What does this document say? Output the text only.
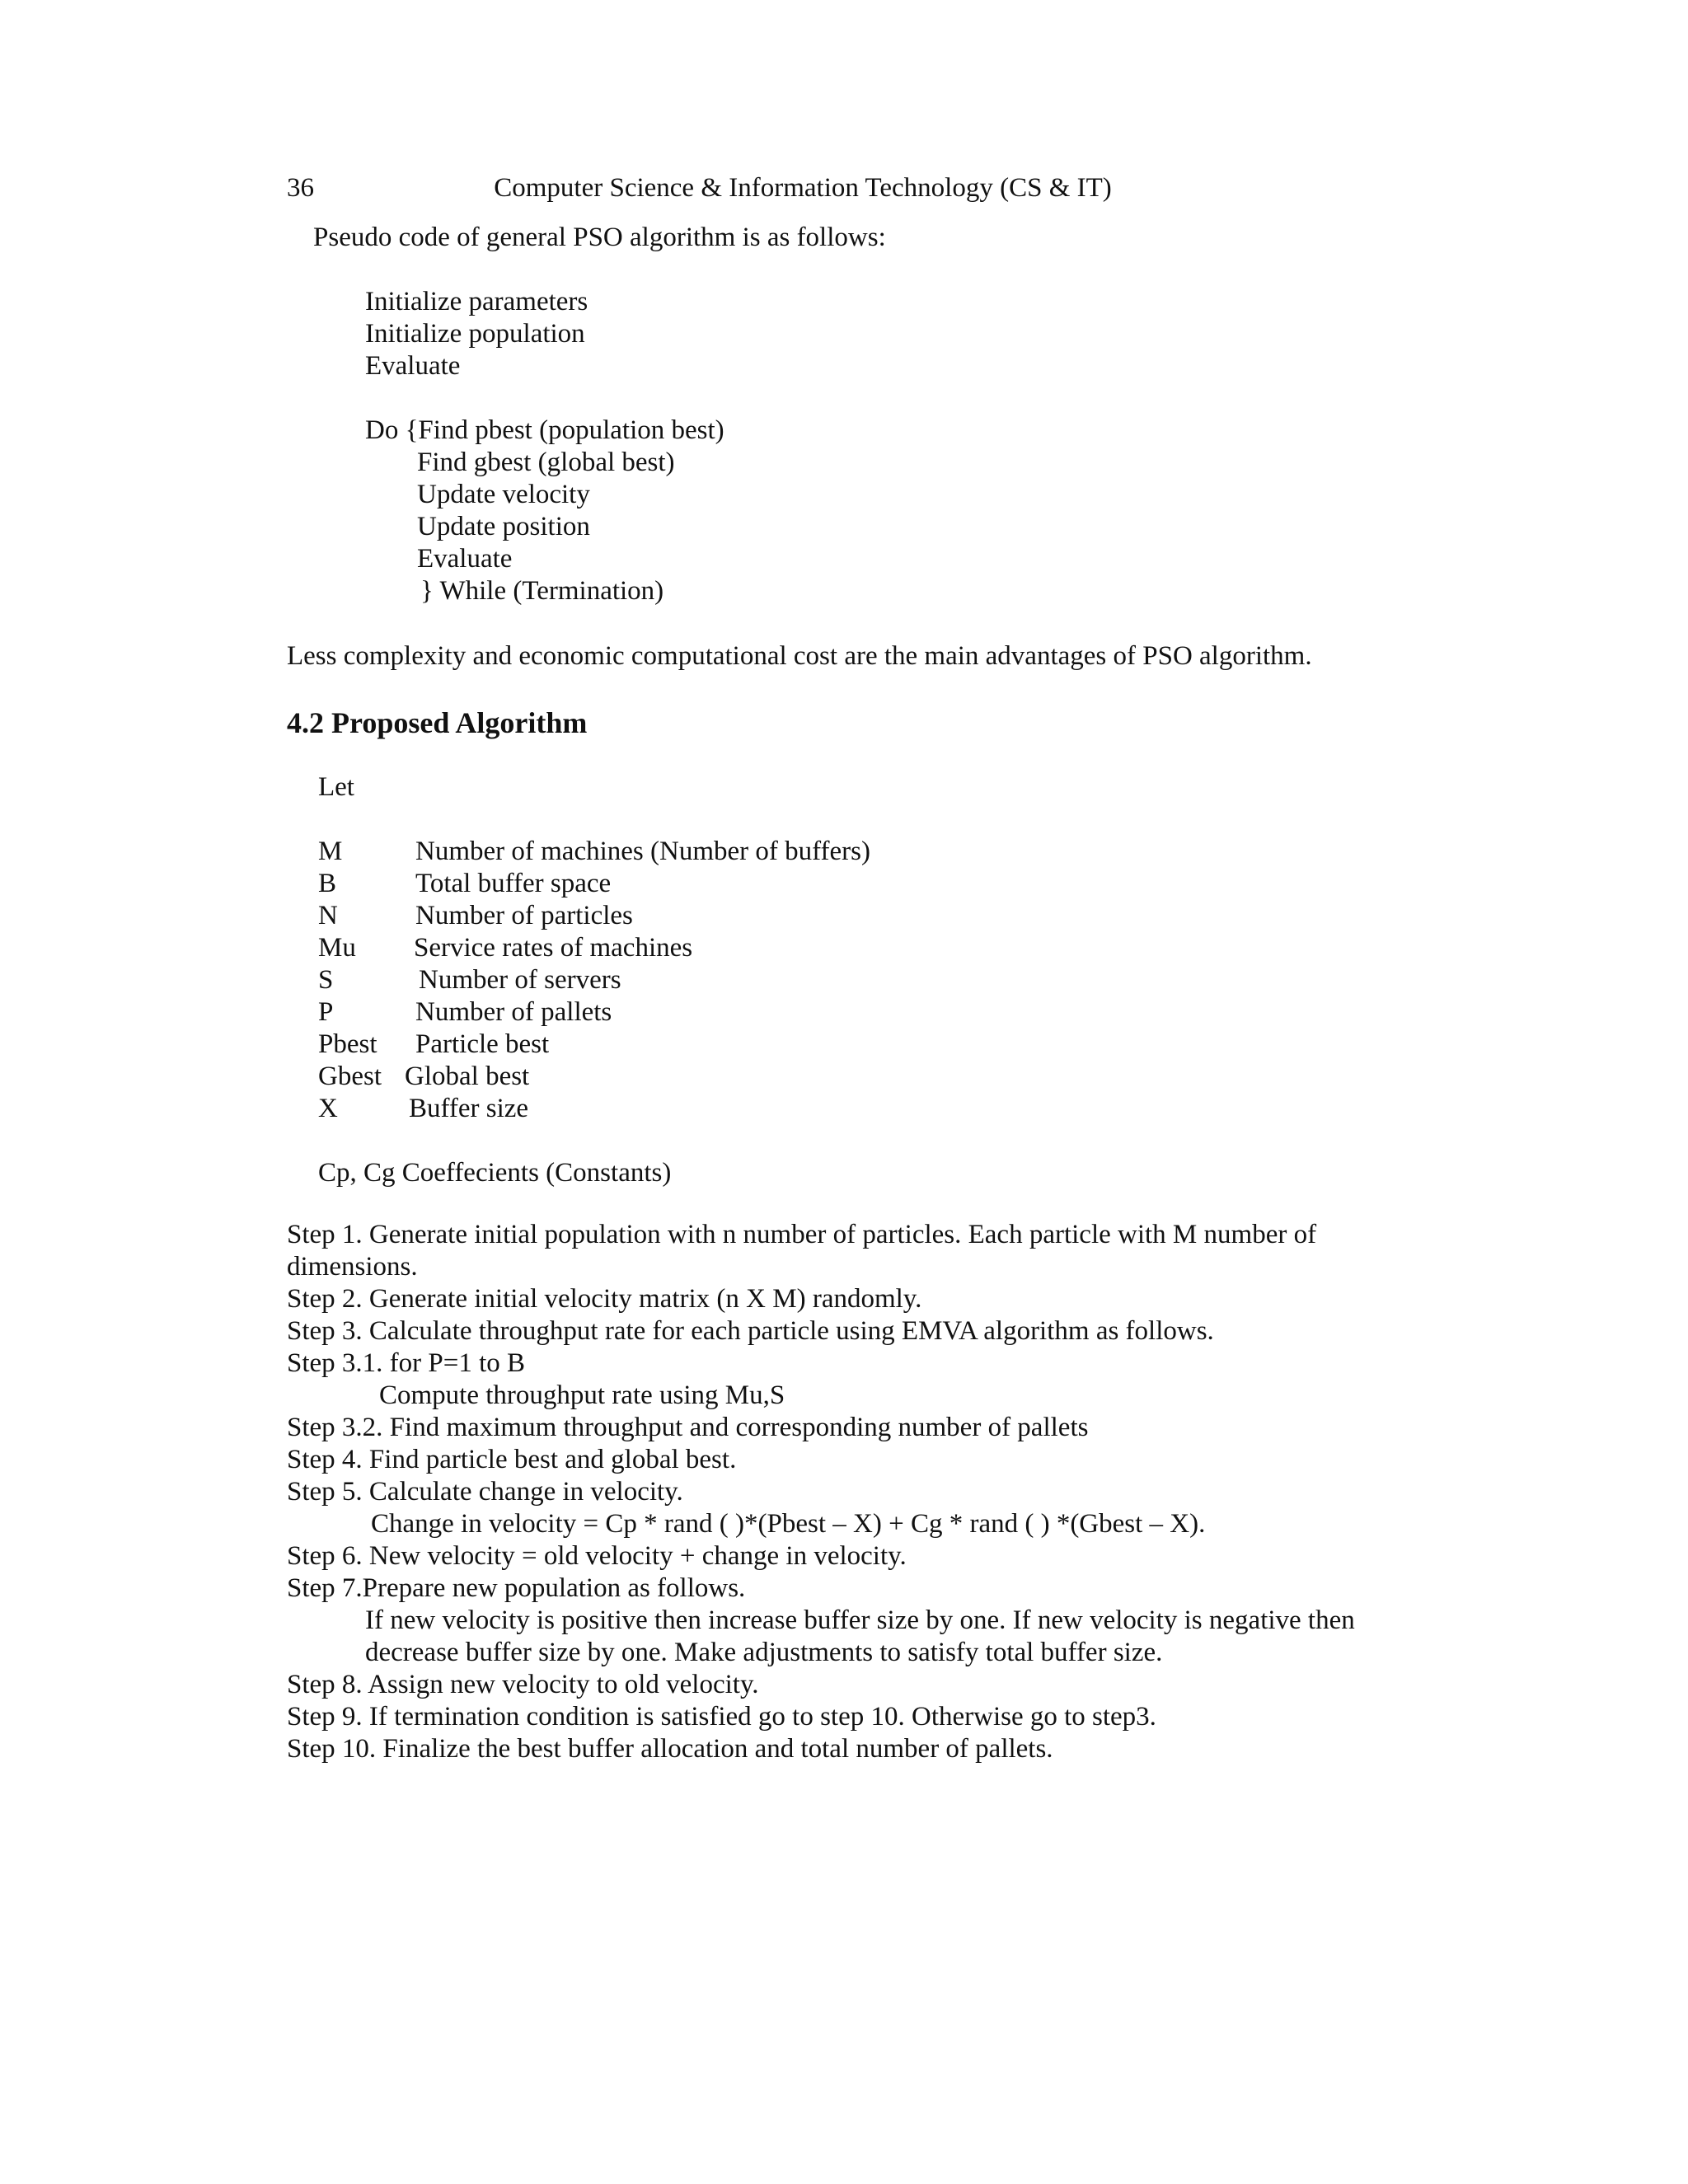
36	Computer Science & Information Technology (CS & IT)
Pseudo code of general PSO algorithm is as follows:
Initialize parameters
Initialize population
Evaluate
Do {Find pbest (population best)
Find gbest (global best)
Update velocity
Update position
Evaluate
} While (Termination)
Less complexity and economic computational cost are the main advantages of PSO algorithm.
4.2 Proposed Algorithm
Let
M	Number of machines (Number of buffers)
B	Total buffer space
N	Number of particles
Mu Service rates of machines
S	Number of servers
P	Number of pallets
Pbest Particle best
Gbest Global best
X	Buffer size
Cp, Cg Coeffecients (Constants)
Step 1. Generate initial population with n number of particles. Each particle with M number of
dimensions.
Step 2. Generate initial velocity matrix (n X M) randomly.
Step 3. Calculate throughput rate for each particle using EMVA algorithm as follows.
Step 3.1. for P=1 to B
Compute throughput rate using Mu,S
Step 3.2. Find maximum throughput and corresponding number of pallets
Step 4. Find particle best and global best.
Step 5. Calculate change in velocity.
Change in velocity = Cp * rand ( )*(Pbest – X) + Cg * rand ( ) *(Gbest – X).
Step 6. New velocity = old velocity + change in velocity.
Step 7.Prepare new population as follows.
If new velocity is positive then increase buffer size by one. If new velocity is negative then
decrease buffer size by one. Make adjustments to satisfy total buffer size.
Step 8. Assign new velocity to old velocity.
Step 9. If termination condition is satisfied go to step 10. Otherwise go to step3.
Step 10. Finalize the best buffer allocation and total number of pallets.
